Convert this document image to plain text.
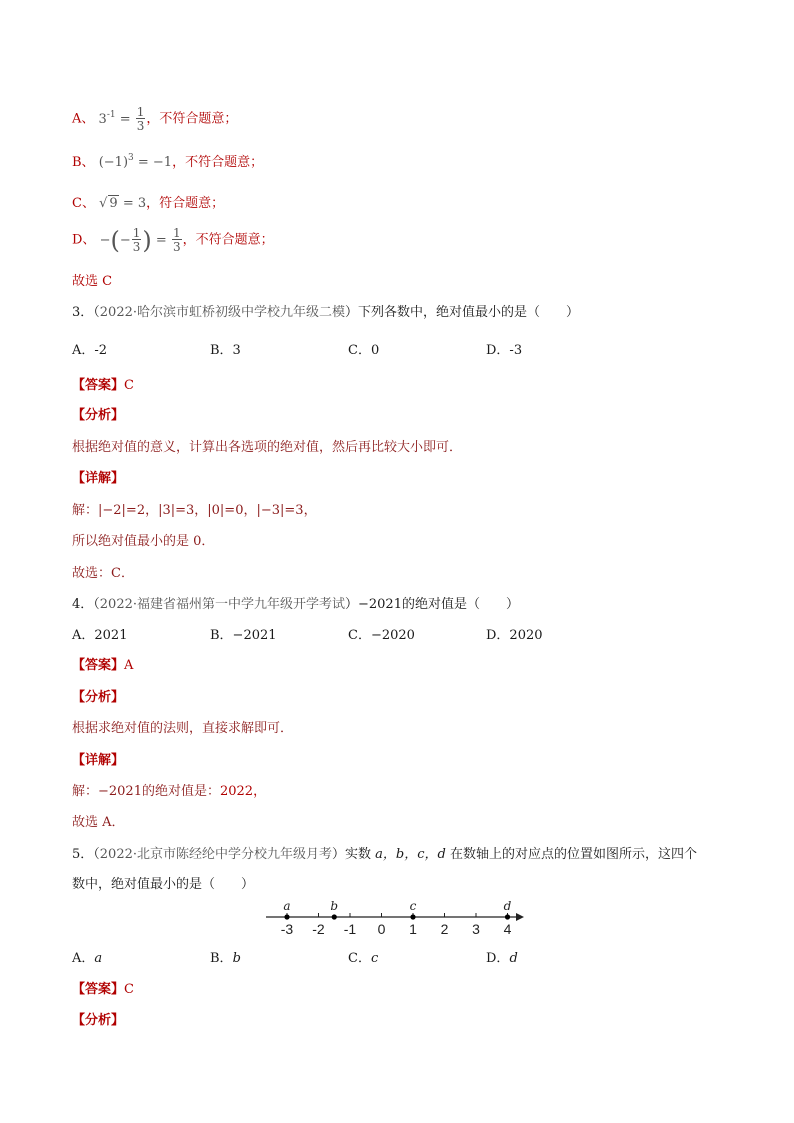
A、 $3^{-1} = \frac{1}{3}$ ，不符合题意；
B、 $(-1)^3 = -1$，不符合题意；
C、 √ 9 = 3，符合题意；
D、 −(− $\frac{1}{3}$ ) = $\frac{1}{3}$ ，不符合题意；
故选 C
3．（2022·哈尔滨市虹桥初级中学校九年级二模）下列各数中，绝对值最小的是（　　）
A．-2	B．3	C．0	D．-3
【答案】C
【分析】
根据绝对值的意义，计算出各选项的绝对值，然后再比较大小即可．
【详解】
解：|−2|=2，|3|=3，|0|=0，|−3|=3，
所以绝对值最小的是 0．
故选：C．
4．（2022·福建省福州第一中学九年级开学考试）−2021的绝对值是（　　）
A．2021	B．−2021	C．−2020	D．2020
【答案】A
【分析】
根据求绝对值的法则，直接求解即可．
【详解】
解：−2021的绝对值是：2022，
故选 A．
5．（2022·北京市陈经纶中学分校九年级月考）实数 a，b，c，d 在数轴上的对应点的位置如图所示，这四个
数中，绝对值最小的是（　　）
-3 -2 -1 0 1 2 3 4
a	b	c	d
A．a	B．b	C．c	D．d
【答案】C
【分析】
